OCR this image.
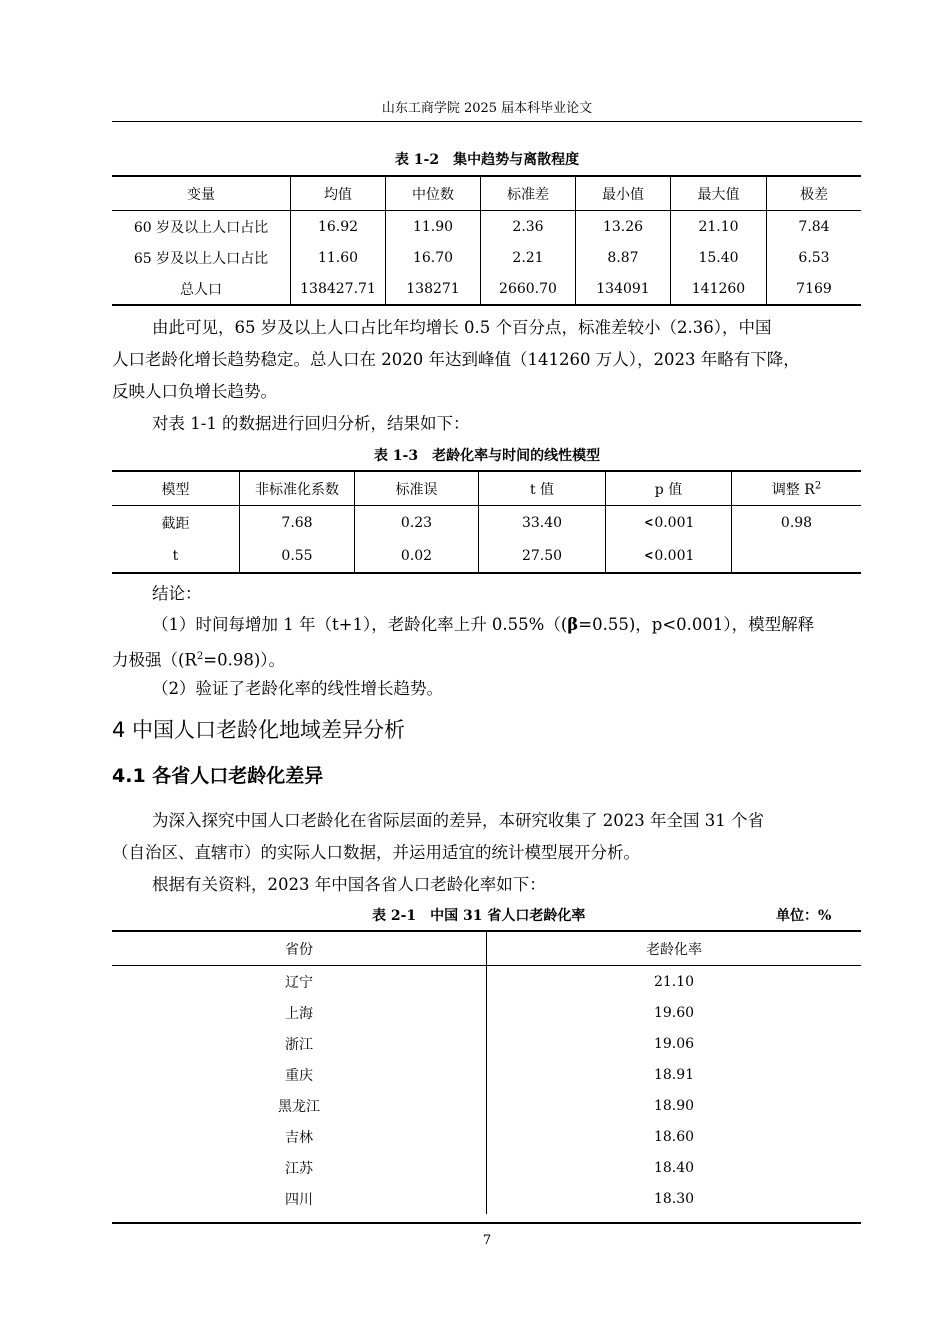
山东工商学院 2025 届本科毕业论文
表 1-2　集中趋势与离散程度
变量	均值	中位数	标准差	最小值	最大值	极差
60 岁及以上人口占比	16.92	11.90	2.36	13.26	21.10	7.84
65 岁及以上人口占比	11.60	16.70	2.21	8.87	15.40	6.53
总人口	138427.71	138271	2660.70	134091	141260	7169
由此可见，65 岁及以上人口占比年均增长 0.5 个百分点，标准差较小（2.36），中国
人口老龄化增长趋势稳定。总人口在 2020 年达到峰值（141260 万人），2023 年略有下降，
反映人口负增长趋势。
对表 1-1 的数据进行回归分析，结果如下：
表 1-3　老龄化率与时间的线性模型
模型	非标准化系数	标准误	t 值	p 值	调整 $R^2$
截距	7.68	0.23	33.40	<0.001	0.98
t	0.55	0.02	27.50	<0.001	
结论：
（1）时间每增加 1 年（t+1），老龄化率上升 0.55%（(β=0.55)，p<0.001），模型解释
力极强$((R^2=0.98))$。
（2）验证了老龄化率的线性增长趋势。
4 中国人口老龄化地域差异分析
4.1 各省人口老龄化差异
为深入探究中国人口老龄化在省际层面的差异，本研究收集了 2023 年全国 31 个省
（自治区、直辖市）的实际人口数据，并运用适宜的统计模型展开分析。
根据有关资料，2023 年中国各省人口老龄化率如下：
表 2-1　中国 31 省人口老龄化率	单位：%
省份	老龄化率
辽宁	21.10
上海	19.60
浙江	19.06
重庆	18.91
黑龙江	18.90
吉林	18.60
江苏	18.40
四川	18.30
7
